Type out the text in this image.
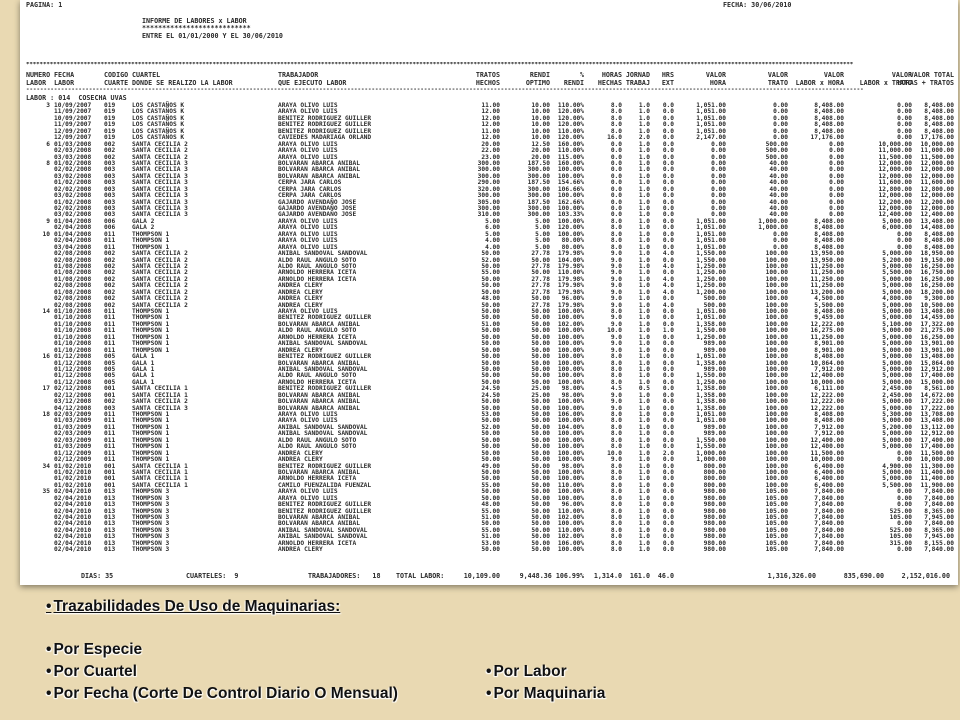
PAGINA: 1	FECHA: 30/06/2010
INFORME DE LABORES x LABOR
***************************
ENTRE EL 01/01/2000 Y EL 30/06/2010
****************************************************************************************************************************************************************************************************************************************************
NUMERO FECHA	CODIGO CUARTEL	TRABAJADOR	TRATOS	RENDI	%	HORAS JORNAD	HRS	VALOR	VALOR	VALOR	VALOR
VALOR TOTAL
LABOR	LABOR	CUARTE DONDE SE REALIZO LA LABOR	QUE EJECUTO LABOR	HECHOS	OPTIMO	RENDI	HECHAS TRABAJ	EXT	HORA	TRATO	LABOR x HORA	LABOR x TRATO
HORAS + TRATOS
------------------------------------------------------------------------------------------------------------------------------------------------------------------------------------------------------------------------------------------------
LABOR : 014  COSECHA UVAS
3 10/09/2007	019	LOS CASTAÑOS K	ARAYA OLIVO LUIS	11.00	10.00	110.00%	8.0	1.0	0.0	1,051.00	0.00	8,408.00	0.00	8,408.00
11/09/2007	019	LOS CASTAÑOS K	ARAYA OLIVO LUIS	12.00	10.00	120.00%	8.0	1.0	0.0	1,051.00	0.00	8,408.00	0.00	8,408.00
10/09/2007	019	LOS CASTAÑOS K	BENITEZ RODRIGUEZ GUILLER	12.00	10.00	120.00%	8.0	1.0	0.0	1,051.00	0.00	8,408.00	0.00	8,408.00
11/09/2007	019	LOS CASTAÑOS K	BENITEZ RODRIGUEZ GUILLER	12.00	10.00	120.00%	8.0	1.0	0.0	1,051.00	0.00	8,408.00	0.00	8,408.00
12/09/2007	019	LOS CASTAÑOS K	BENITEZ RODRIGUEZ GUILLER	11.00	10.00	110.00%	8.0	1.0	0.0	1,051.00	0.00	8,408.00	0.00	8,408.00
12/09/2007	019	LOS CASTAÑOS K	CAVIEDES MADARIAGA ORLAND	12.00	10.00	120.00%	16.0	2.0	0.0	2,147.00	0.00	17,176.00	0.00	17,176.00
6 01/03/2008	002	SANTA CECILIA 2	ARAYA OLIVO LUIS	20.00	12.50	160.00%	0.0	1.0	0.0	0.00	500.00	0.00	10,000.00	10,000.00
02/03/2008	002	SANTA CECILIA 2	ARAYA OLIVO LUIS	22.00	20.00	110.00%	0.0	1.0	0.0	0.00	500.00	0.00	11,000.00	11,000.00
03/03/2008	002	SANTA CECILIA 2	ARAYA OLIVO LUIS	23.00	20.00	115.00%	0.0	1.0	0.0	0.00	500.00	0.00	11,500.00	11,500.00
8 01/02/2008	003	SANTA CECILIA 3	BOLVARAN ABARCA ANIBAL	300.00	187.50	160.00%	0.0	1.0	0.0	0.00	40.00	0.00	12,000.00	12,000.00
02/02/2008	003	SANTA CECILIA 3	BOLVARAN ABARCA ANIBAL	300.00	300.00	100.00%	0.0	1.0	0.0	0.00	40.00	0.00	12,000.00	12,000.00
03/02/2008	003	SANTA CECILIA 3	BOLVARAN ABARCA ANIBAL	300.00	300.00	100.00%	0.0	1.0	0.0	0.00	40.00	0.00	12,000.00	12,000.00
01/02/2008	003	SANTA CECILIA 3	CERPA JARA CARLOS	290.00	187.50	154.66%	0.0	1.0	0.0	0.00	40.00	0.00	11,600.00	11,600.00
02/02/2008	003	SANTA CECILIA 3	CERPA JARA CARLOS	320.00	300.00	106.66%	0.0	1.0	0.0	0.00	40.00	0.00	12,800.00	12,800.00
03/02/2008	003	SANTA CECILIA 3	CERPA JARA CARLOS	300.00	300.00	100.00%	0.0	1.0	0.0	0.00	40.00	0.00	12,000.00	12,000.00
01/02/2008	003	SANTA CECILIA 3	GAJARDO AVENDAÑO JOSE	305.00	187.50	162.66%	0.0	1.0	0.0	0.00	40.00	0.00	12,200.00	12,200.00
02/02/2008	003	SANTA CECILIA 3	GAJARDO AVENDAÑO JOSE	300.00	300.00	100.00%	0.0	1.0	0.0	0.00	40.00	0.00	12,000.00	12,000.00
03/02/2008	003	SANTA CECILIA 3	GAJARDO AVENDAÑO JOSE	310.00	300.00	103.33%	0.0	1.0	0.0	0.00	40.00	0.00	12,400.00	12,400.00
9 01/04/2008	006	GALA 2	ARAYA OLIVO LUIS	5.00	5.00	100.00%	8.0	1.0	0.0	1,051.00	1,000.00	8,408.00	5,000.00	13,408.00
02/04/2008	006	GALA 2	ARAYA OLIVO LUIS	6.00	5.00	120.00%	8.0	1.0	0.0	1,051.00	1,000.00	8,408.00	6,000.00	14,408.00
10 01/04/2008	011	THOMPSON 1	ARAYA OLIVO LUIS	5.00	5.00	100.00%	8.0	1.0	0.0	1,051.00	0.00	8,408.00	0.00	8,408.00
02/04/2008	011	THOMPSON 1	ARAYA OLIVO LUIS	4.00	5.00	80.00%	8.0	1.0	0.0	1,051.00	0.00	8,408.00	0.00	8,408.00
03/04/2008	011	THOMPSON 1	ARAYA OLIVO LUIS	4.00	5.00	80.00%	8.0	1.0	0.0	1,051.00	0.00	8,408.00	0.00	8,408.00
02/08/2008	002	SANTA CECILIA 2	ANIBAL SANDOVAL SANDOVAL	50.00	27.78	179.98%	9.0	1.0	4.0	1,550.00	100.00	13,950.00	5,000.00	18,950.00
02/08/2008	002	SANTA CECILIA 2	ALDO RAUL ANGULO SOTO	52.00	50.00	104.00%	9.0	1.0	0.0	1,550.00	100.00	13,950.00	5,200.00	19,150.00
01/08/2008	002	SANTA CECILIA 2	ALDO RAUL ANGULO SOTO	50.00	27.78	179.98%	9.0	1.0	4.0	1,250.00	100.00	11,250.00	5,000.00	16,250.00
01/08/2008	002	SANTA CECILIA 2	ARNOLDO HERRERA ICETA	55.00	50.00	110.00%	9.0	1.0	0.0	1,250.00	100.00	11,250.00	5,500.00	16,750.00
01/08/2008	002	SANTA CECILIA 2	ARNOLDO HERRERA ICETA	50.00	27.78	179.98%	9.0	1.0	4.0	1,250.00	100.00	11,250.00	5,000.00	16,250.00
02/08/2008	002	SANTA CECILIA 2	ANDREA CLERY	50.00	27.78	179.98%	9.0	1.0	4.0	1,250.00	100.00	11,250.00	5,000.00	16,250.00
01/08/2008	002	SANTA CECILIA 2	ANDREA CLERY	50.00	27.78	179.98%	9.0	1.0	4.0	1,200.00	100.00	13,200.00	5,000.00	18,200.00
02/08/2008	002	SANTA CECILIA 2	ANDREA CLERY	48.00	50.00	96.00%	9.0	1.0	0.0	500.00	100.00	4,500.00	4,800.00	9,300.00
02/08/2008	002	SANTA CECILIA 2	ANDREA CLERY	50.00	27.78	179.98%	9.0	1.0	4.0	500.00	100.00	5,500.00	5,000.00	10,500.00
14 01/10/2008	011	THOMPSON 1	ARAYA OLIVO LUIS	50.00	50.00	100.00%	8.0	1.0	0.0	1,051.00	100.00	8,408.00	5,000.00	13,408.00
01/10/2008	011	THOMPSON 1	BENITEZ RODRIGUEZ GUILLER	50.00	50.00	100.00%	9.0	1.0	0.0	1,051.00	100.00	9,459.00	5,000.00	14,459.00
01/10/2008	011	THOMPSON 1	BOLVARAN ABARCA ANIBAL	51.00	50.00	102.00%	9.0	1.0	0.0	1,358.00	100.00	12,222.00	5,100.00	17,322.00
01/10/2008	011	THOMPSON 1	ALDO RAUL ANGULO SOTO	50.00	50.00	100.00%	10.0	1.0	1.0	1,550.00	100.00	16,275.00	5,000.00	21,275.00
01/10/2008	011	THOMPSON 1	ARNOLDO HERRERA ICETA	50.00	50.00	100.00%	9.0	1.0	0.0	1,250.00	100.00	11,250.00	5,000.00	16,250.00
01/10/2008	011	THOMPSON 1	ANIBAL SANDOVAL SANDOVAL	50.00	50.00	100.00%	9.0	1.0	0.0	989.00	100.00	8,901.00	5,000.00	13,901.00
01/10/2008	011	THOMPSON 1	ANDREA CLERY	50.00	50.00	100.00%	9.0	1.0	0.0	989.00	100.00	8,901.00	5,000.00	13,901.00
16 01/12/2008	005	GALA 1	BENITEZ RODRIGUEZ GUILLER	50.00	50.00	100.00%	8.0	1.0	0.0	1,051.00	100.00	8,408.00	5,000.00	13,408.00
01/12/2008	005	GALA 1	BOLVARAN ABARCA ANIBAL	50.00	50.00	100.00%	8.0	1.0	0.0	1,358.00	100.00	10,864.00	5,000.00	15,864.00
01/12/2008	005	GALA 1	ANIBAL SANDOVAL SANDOVAL	50.00	50.00	100.00%	8.0	1.0	0.0	989.00	100.00	7,912.00	5,000.00	12,912.00
01/12/2008	005	GALA 1	ALDO RAUL ANGULO SOTO	50.00	50.00	100.00%	8.0	1.0	0.0	1,550.00	100.00	12,400.00	5,000.00	17,400.00
01/12/2008	005	GALA 1	ARNOLDO HERRERA ICETA	50.00	50.00	100.00%	8.0	1.0	0.0	1,250.00	100.00	10,000.00	5,000.00	15,000.00
17 02/12/2008	001	SANTA CECILIA 1	BENITEZ RODRIGUEZ GUILLER	24.50	25.00	98.00%	4.5	0.5	0.0	1,358.00	100.00	6,111.00	2,450.00	8,561.00
02/12/2008	001	SANTA CECILIA 1	BOLVARAN ABARCA ANIBAL	24.50	25.00	98.00%	9.0	1.0	0.0	1,358.00	100.00	12,222.00	2,450.00	14,672.00
03/12/2008	002	SANTA CECILIA 2	BOLVARAN ABARCA ANIBAL	50.00	50.00	100.00%	9.0	1.0	0.0	1,358.00	100.00	12,222.00	5,000.00	17,222.00
04/12/2008	003	SANTA CECILIA 3	BOLVARAN ABARCA ANIBAL	50.00	50.00	100.00%	9.0	1.0	0.0	1,358.00	100.00	12,222.00	5,000.00	17,222.00
18 02/03/2009	011	THOMPSON 1	ARAYA OLIVO LUIS	53.00	50.00	106.00%	8.0	1.0	0.0	1,051.00	100.00	8,408.00	5,300.00	13,708.00
01/03/2009	011	THOMPSON 1	ARAYA OLIVO LUIS	50.00	50.00	100.00%	8.0	1.0	0.0	1,051.00	100.00	8,408.00	5,000.00	13,408.00
01/03/2009	011	THOMPSON 1	ANIBAL SANDOVAL SANDOVAL	52.00	50.00	104.00%	8.0	1.0	0.0	989.00	100.00	7,912.00	5,200.00	13,112.00
02/03/2009	011	THOMPSON 1	ANIBAL SANDOVAL SANDOVAL	50.00	50.00	100.00%	8.0	1.0	0.0	989.00	100.00	7,912.00	5,000.00	12,912.00
02/03/2009	011	THOMPSON 1	ALDO RAUL ANGULO SOTO	50.00	50.00	100.00%	8.0	1.0	0.0	1,550.00	100.00	12,400.00	5,000.00	17,400.00
01/03/2009	011	THOMPSON 1	ALDO RAUL ANGULO SOTO	50.00	50.00	100.00%	8.0	1.0	0.0	1,550.00	100.00	12,400.00	5,000.00	17,400.00
01/12/2009	011	THOMPSON 1	ANDREA CLERY	50.00	50.00	100.00%	10.0	1.0	2.0	1,000.00	100.00	11,500.00	0.00	11,500.00
02/12/2009	011	THOMPSON 1	ANDREA CLERY	50.00	50.00	100.00%	9.0	1.0	0.0	1,000.00	100.00	10,000.00	0.00	10,000.00
34 01/02/2010	001	SANTA CECILIA 1	BENITEZ RODRIGUEZ GUILLER	49.00	50.00	98.00%	8.0	1.0	0.0	800.00	100.00	6,400.00	4,900.00	11,300.00
01/02/2010	001	SANTA CECILIA 1	BOLVARAN ABARCA ANIBAL	50.00	50.00	100.00%	8.0	1.0	0.0	800.00	100.00	6,400.00	5,000.00	11,400.00
01/02/2010	001	SANTA CECILIA 1	ARNOLDO HERRERA ICETA	50.00	50.00	100.00%	8.0	1.0	0.0	800.00	100.00	6,400.00	5,000.00	11,400.00
01/02/2010	001	SANTA CECILIA 1	CAMILO FUENZALIDA FUENZAL	55.00	50.00	110.00%	8.0	1.0	0.0	800.00	100.00	6,400.00	5,500.00	11,900.00
35 02/04/2010	013	THOMPSON 3	ARAYA OLIVO LUIS	50.00	50.00	100.00%	8.0	1.0	0.0	980.00	105.00	7,840.00	0.00	7,840.00
02/04/2010	013	THOMPSON 3	ARAYA OLIVO LUIS	50.00	50.00	100.00%	8.0	1.0	0.0	980.00	105.00	7,840.00	0.00	7,840.00
02/04/2010	013	THOMPSON 3	BENITEZ RODRIGUEZ GUILLER	48.00	50.00	96.00%	8.0	1.0	0.0	980.00	105.00	7,840.00	0.00	7,840.00
02/04/2010	013	THOMPSON 3	BENITEZ RODRIGUEZ GUILLER	55.00	50.00	110.00%	8.0	1.0	0.0	980.00	105.00	7,840.00	525.00	8,365.00
02/04/2010	013	THOMPSON 3	BOLVARAN ABARCA ANIBAL	51.00	50.00	102.00%	8.0	1.0	0.0	980.00	105.00	7,840.00	105.00	7,945.00
02/04/2010	013	THOMPSON 3	BOLVARAN ABARCA ANIBAL	50.00	50.00	100.00%	8.0	1.0	0.0	980.00	105.00	7,840.00	0.00	7,840.00
02/04/2010	013	THOMPSON 3	ANIBAL SANDOVAL SANDOVAL	55.00	50.00	110.00%	8.0	1.0	0.0	980.00	105.00	7,840.00	525.00	8,365.00
02/04/2010	013	THOMPSON 3	ANIBAL SANDOVAL SANDOVAL	51.00	50.00	102.00%	8.0	1.0	0.0	980.00	105.00	7,840.00	105.00	7,945.00
02/04/2010	013	THOMPSON 3	ARNOLDO HERRERA ICETA	53.00	50.00	106.00%	8.0	1.0	0.0	980.00	105.00	7,840.00	315.00	8,155.00
02/04/2010	013	THOMPSON 3	ANDREA CLERY	50.00	50.00	100.00%	8.0	1.0	0.0	980.00	105.00	7,840.00	0.00	7,840.00
DIAS: 35	CUARTELES:  9	TRABAJADORES:   18 TOTAL LABOR:	10,109.00	9,448.36 106.99%	1,314.0	161.0	46.0	1,316,326.00	835,690.00	2,152,016.00
• Trazabilidades De Uso de Maquinarias:
• Por Especie
• Por Cuartel
• Por Fecha (Corte De Control Diario O Mensual)
• Por Labor
• Por Maquinaria
